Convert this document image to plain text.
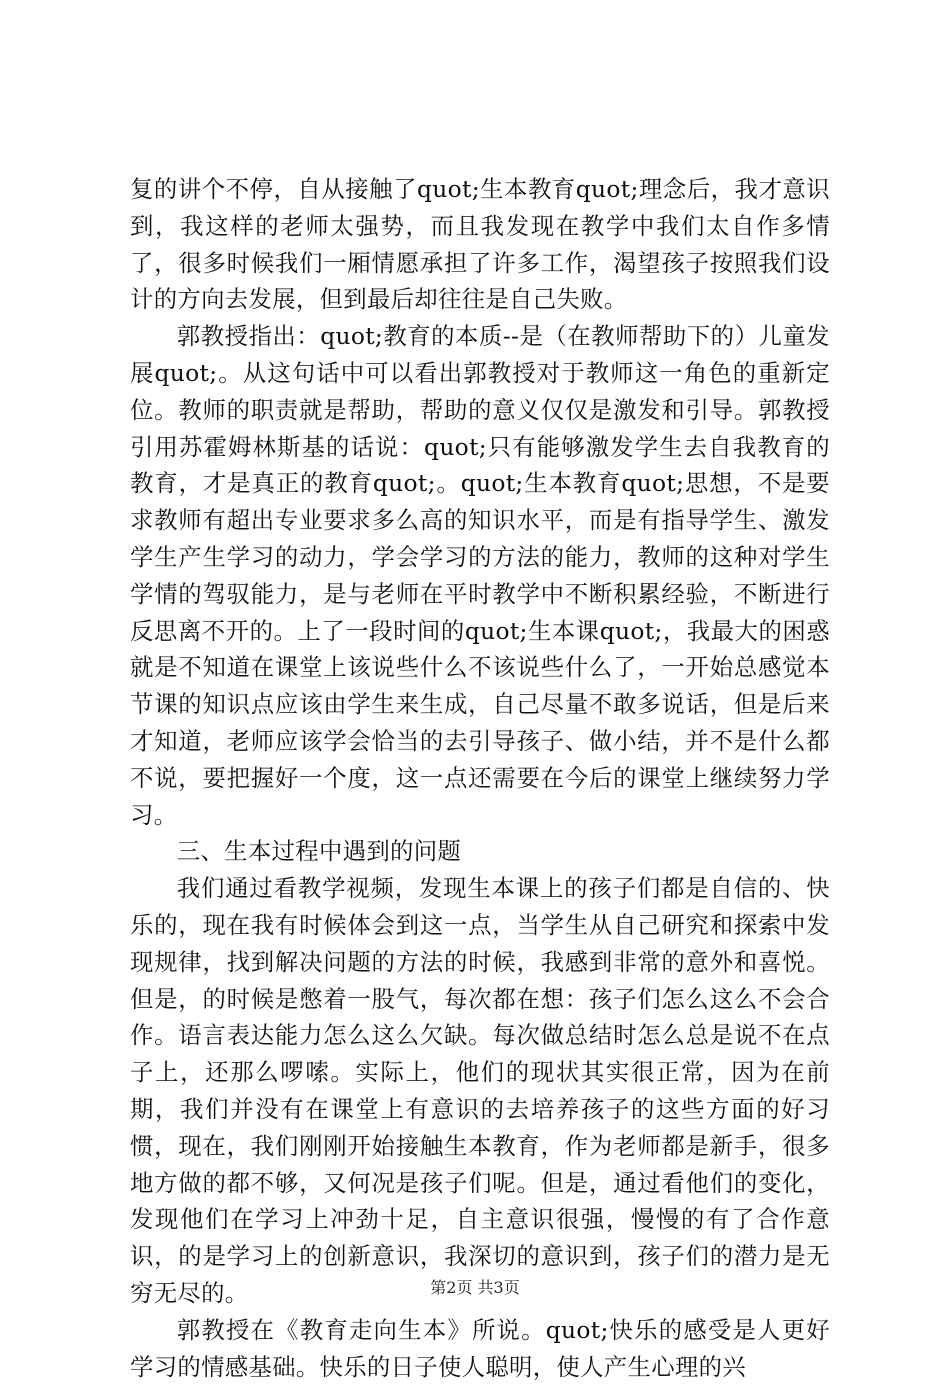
复的讲个不停，自从接触了quot;生本教育quot;理念后，我才意识到，我这样的老师太强势，而且我发现在教学中我们太自作多情了，很多时候我们一厢情愿承担了许多工作，渴望孩子按照我们设计的方向去发展，但到最后却往往是自己失败。

郭教授指出：quot;教育的本质--是（在教师帮助下的）儿童发展quot;。从这句话中可以看出郭教授对于教师这一角色的重新定位。教师的职责就是帮助，帮助的意义仅仅是激发和引导。郭教授引用苏霍姆林斯基的话说：quot;只有能够激发学生去自我教育的教育，才是真正的教育quot;。quot;生本教育quot;思想，不是要求教师有超出专业要求多么高的知识水平，而是有指导学生、激发学生产生学习的动力，学会学习的方法的能力，教师的这种对学生学情的驾驭能力，是与老师在平时教学中不断积累经验，不断进行反思离不开的。上了一段时间的quot;生本课quot;，我最大的困惑就是不知道在课堂上该说些什么不该说些什么了，一开始总感觉本节课的知识点应该由学生来生成，自己尽量不敢多说话，但是后来才知道，老师应该学会恰当的去引导孩子、做小结，并不是什么都不说，要把握好一个度，这一点还需要在今后的课堂上继续努力学习。

三、生本过程中遇到的问题

我们通过看教学视频，发现生本课上的孩子们都是自信的、快乐的，现在我有时候体会到这一点，当学生从自己研究和探索中发现规律，找到解决问题的方法的时候，我感到非常的意外和喜悦。但是，的时候是憋着一股气，每次都在想：孩子们怎么这么不会合作。语言表达能力怎么这么欠缺。每次做总结时怎么总是说不在点子上，还那么啰嗦。实际上，他们的现状其实很正常，因为在前期，我们并没有在课堂上有意识的去培养孩子的这些方面的好习惯，现在，我们刚刚开始接触生本教育，作为老师都是新手，很多地方做的都不够，又何况是孩子们呢。但是，通过看他们的变化，发现他们在学习上冲劲十足，自主意识很强，慢慢的有了合作意识，的是学习上的创新意识，我深切的意识到，孩子们的潜力是无穷无尽的。

郭教授在《教育走向生本》所说。quot;快乐的感受是人更好学习的情感基础。快乐的日子使人聪明，使人产生心理的兴

第2页 共3页
